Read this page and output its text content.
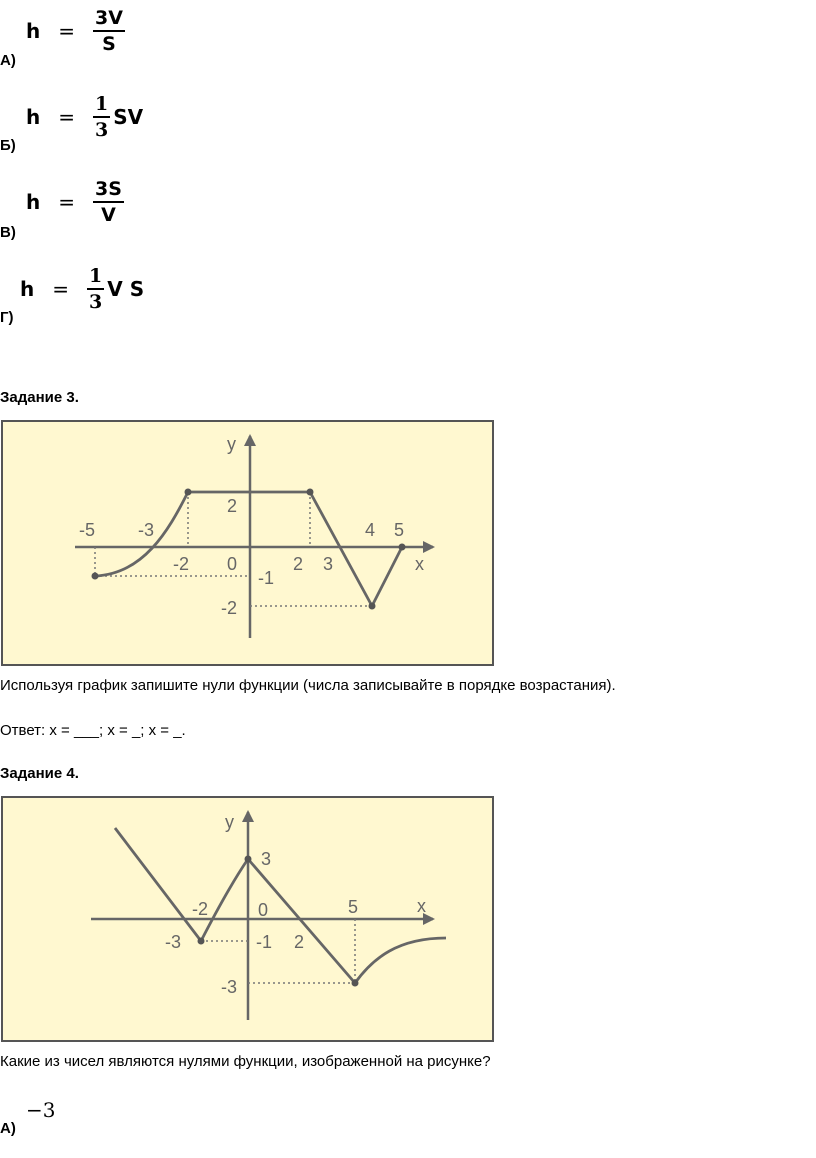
$h = \frac{3V}{S}$
А)
$h = \frac{1}{3}$ SV
Б)
$h = \frac{3S}{V}$
В)
$h = \frac{1}{3}$ V S
Г)
Задание 3.
y
x
-5 -3
-2 0
2
2 3
4 5
-1
-2
Используя график запишите нули функции (числа записывайте в порядке возрастания).
Ответ: x = ___; x = _; x = _.
Задание 4.
y
x
3
-2	0	5
-3	-1 2
-3
Какие из чисел являются нулями функции, изображенной на рисунке?
−3
А)
